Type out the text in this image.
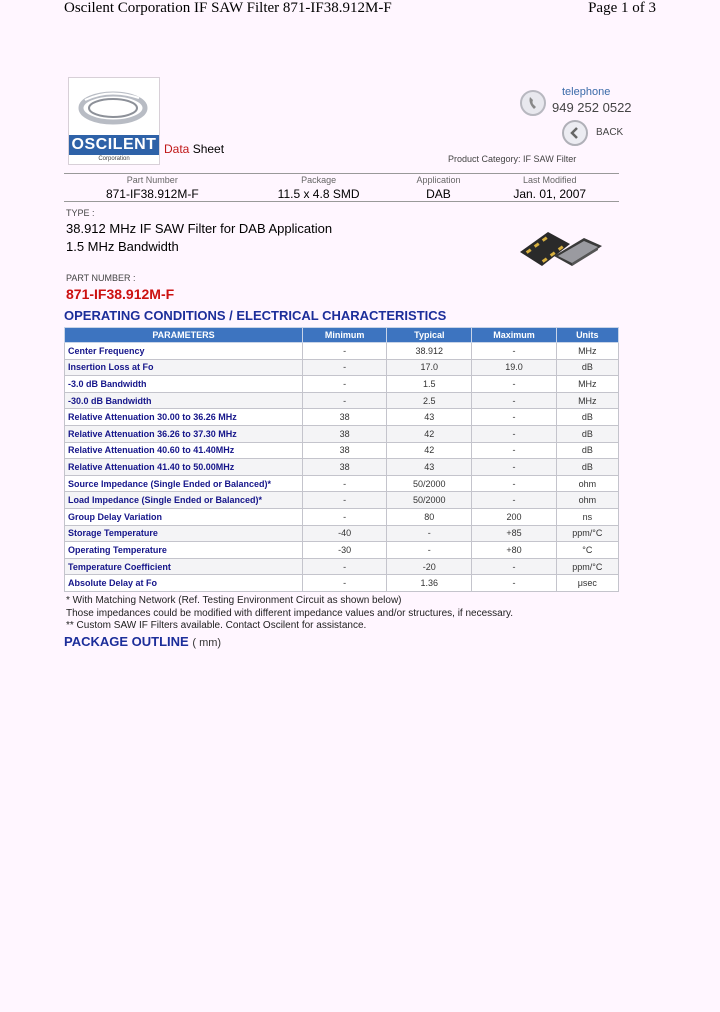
Oscilent Corporation IF SAW Filter 871-IF38.912M-F	Page 1 of 3
OSCILENT
Corporation
Data Sheet
telephone
949 252 0522
BACK
Product Category: IF SAW Filter
Part Number	Package	Application	Last Modified
871-IF38.912M-F	11.5 x 4.8 SMD	DAB	Jan. 01, 2007
TYPE :
38.912 MHz IF SAW Filter for DAB Application
1.5 MHz Bandwidth
PART NUMBER :
871-IF38.912M-F
OPERATING CONDITIONS / ELECTRICAL CHARACTERISTICS
PARAMETERS	Minimum	Typical	Maximum	Units
Center Frequency	-	38.912	-	MHz
Insertion Loss at Fo	-	17.0	19.0	dB
-3.0 dB Bandwidth	-	1.5	-	MHz
-30.0 dB Bandwidth	-	2.5	-	MHz
Relative Attenuation 30.00 to 36.26 MHz	38	43	-	dB
Relative Attenuation 36.26 to 37.30 MHz	38	42	-	dB
Relative Attenuation 40.60 to 41.40MHz	38	42	-	dB
Relative Attenuation 41.40 to 50.00MHz	38	43	-	dB
Source Impedance (Single Ended or Balanced)*	-	50/2000	-	ohm
Load Impedance (Single Ended or Balanced)*	-	50/2000	-	ohm
Group Delay Variation	-	80	200	ns
Storage Temperature	-40	-	+85	ppm/°C
Operating Temperature	-30	-	+80	°C
Temperature Coefficient	-	-20	-	ppm/°C
Absolute Delay at Fo	-	1.36	-	μsec
* With Matching Network (Ref. Testing Environment Circuit as shown below)
Those impedances could be modified with different impedance values and/or structures, if necessary.
** Custom SAW IF Filters available. Contact Oscilent for assistance.
PACKAGE OUTLINE ( mm)
